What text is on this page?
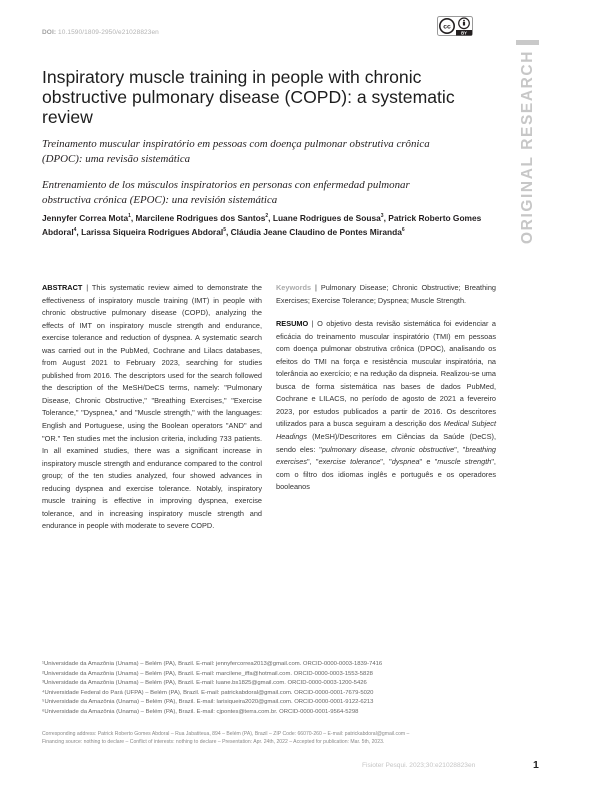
DOI: 10.1590/1809-2950/e21028823en
cc
BY
ORIGINAL RESEARCH
Inspiratory muscle training in people with chronic obstructive pulmonary disease (COPD): a systematic review
Treinamento muscular inspiratório em pessoas com doença pulmonar obstrutiva crônica (DPOC): uma revisão sistemática
Entrenamiento de los músculos inspiratorios en personas con enfermedad pulmonar obstructiva crónica (EPOC): una revisión sistemática
Jennyfer Correa Mota$^1$, Marcilene Rodrigues dos Santos$^2$, Luane Rodrigues de Sousa$^3$, Patrick Roberto Gomes Abdoral$^4$, Larissa Siqueira Rodrigues Abdoral$^5$, Cláudia Jeane Claudino de Pontes Miranda$^6$
ABSTRACT | This systematic review aimed to demonstrate the effectiveness of inspiratory muscle training (IMT) in people with chronic obstructive pulmonary disease (COPD), analyzing the effects of IMT on inspiratory muscle strength and endurance, exercise tolerance and reduction of dyspnea. A systematic search was carried out in the PubMed, Cochrane and Lilacs databases, from August 2021 to February 2023, searching for studies published from 2016. The descriptors used for the search followed the description of the MeSH/DeCS terms, namely: "Pulmonary Disease, Chronic Obstructive," "Breathing Exercises," "Exercise Tolerance," "Dyspnea," and "Muscle strength," with the languages: English and Portuguese, using the Boolean operators "AND" and "OR." Ten studies met the inclusion criteria, including 733 patients. In all examined studies, there was a significant increase in inspiratory muscle strength and endurance compared to the control group; of the ten studies analyzed, four showed advances in reducing dyspnea and exercise tolerance. Notably, inspiratory muscle training is effective in improving dyspnea, exercise tolerance, and in increasing inspiratory muscle strength and endurance in people with moderate to severe COPD.
Keywords | Pulmonary Disease; Chronic Obstructive; Breathing Exercises; Exercise Tolerance; Dyspnea; Muscle Strength.
RESUMO | O objetivo desta revisão sistemática foi evidenciar a eficácia do treinamento muscular inspiratório (TMI) em pessoas com doença pulmonar obstrutiva crônica (DPOC), analisando os efeitos do TMI na força e resistência muscular inspiratória, na tolerância ao exercício; e na redução da dispneia. Realizou-se uma busca de forma sistemática nas bases de dados PubMed, Cochrane e LILACS, no período de agosto de 2021 a fevereiro 2023, por estudos publicados a partir de 2016. Os descritores utilizados para a busca seguiram a descrição dos Medical Subject Headings (MeSH)/Descritores em Ciências da Saúde (DeCS), sendo eles: "pulmonary disease, chronic obstructive", "breathing exercises", "exercise tolerance", "dyspnea" e "muscle strength", com o filtro dos idiomas inglês e português e os operadores booleanos
¹Universidade da Amazônia (Unama) – Belém (PA), Brazil. E-mail: jennyfercorrea2013@gmail.com. ORCID-0000-0003-1839-7416
²Universidade da Amazônia (Unama) – Belém (PA), Brazil. E-mail: marcilene_iffa@hotmail.com. ORCID-0000-0003-1553-5828
³Universidade da Amazônia (Unama) – Belém (PA), Brazil. E-mail: luane.bs1825@gmail.com. ORCID-0000-0003-1200-5426
⁴Universidade Federal do Pará (UFPA) – Belém (PA), Brazil. E-mail: patrickabdoral@gmail.com. ORCID-0000-0001-7679-5020
⁵Universidade da Amazônia (Unama) – Belém (PA), Brazil. E-mail: larisiqueira2020@gmail.com. ORCID-0000-0001-9122-6213
⁶Universidade da Amazônia (Unama) – Belém (PA), Brazil. E-mail: cjpontes@terra.com.br. ORCID-0000-0001-9564-5298
Corresponding address: Patrick Roberto Gomes Abdoral – Rua Jabatiteua, 894 – Belém (PA), Brazil – ZIP Code: 66070-260 – E-mail: patrickabdoral@gmail.com –
Financing source: nothing to declare – Conflict of interests: nothing to declare – Presentation: Apr. 24th, 2022 – Accepted for publication: Mar. 5th, 2023.
Fisioter Pesqui. 2023;30:e21028823en	1
